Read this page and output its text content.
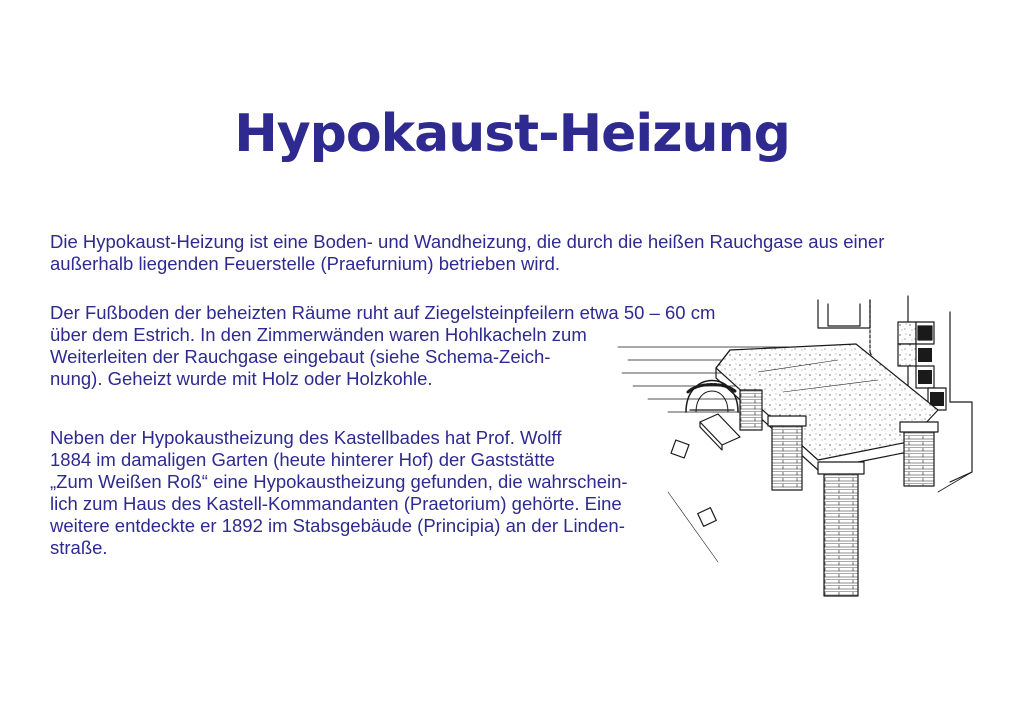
Hypokaust-Heizung

Die Hypokaust-Heizung ist eine Boden- und Wandheizung, die durch die heißen Rauchgase aus einer
außerhalb liegenden Feuerstelle (Praefurnium) betrieben wird.

Der Fußboden der beheizten Räume ruht auf Ziegelsteinpfeilern etwa 50 – 60 cm
über dem Estrich. In den Zimmerwänden waren Hohlkacheln zum
Weiterleiten der Rauchgase eingebaut (siehe Schema-Zeich-
nung). Geheizt wurde mit Holz oder Holzkohle.

Neben der Hypokaustheizung des Kastellbades hat Prof. Wolff
1884 im damaligen Garten (heute hinterer Hof) der Gaststätte
„Zum Weißen Roß“ eine Hypokaustheizung gefunden, die wahrschein-
lich zum Haus des Kastell-Kommandanten (Praetorium) gehörte. Eine
weitere entdeckte er 1892 im Stabsgebäude (Principia) an der Linden-
straße.
